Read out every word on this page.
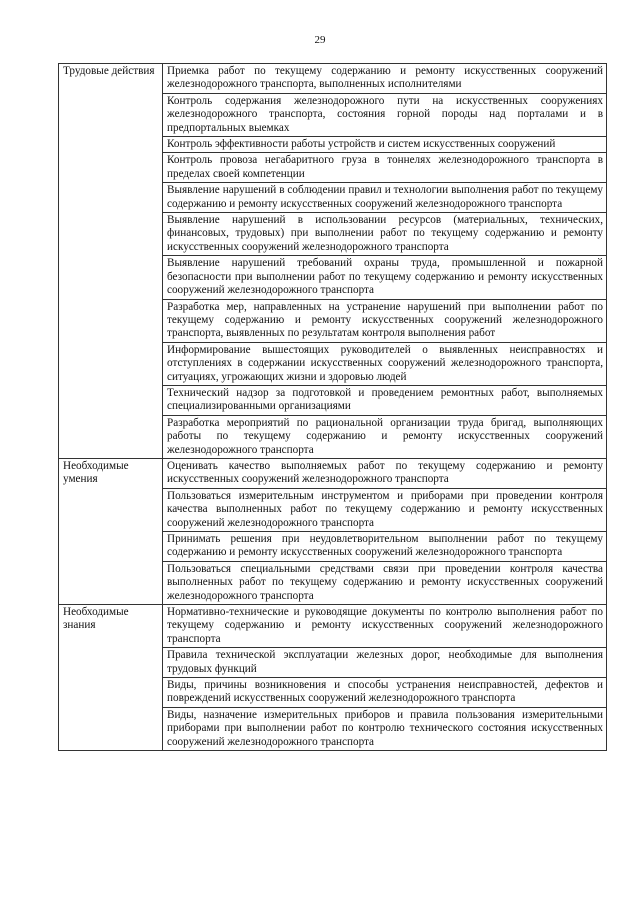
29
Трудовые действия	Приемка работ по текущему содержанию и ремонту искусственных сооружений железнодорожного транспорта, выполненных исполнителями
	Контроль содержания железнодорожного пути на искусственных сооружениях железнодорожного транспорта, состояния горной породы над порталами и в предпортальных выемках
	Контроль эффективности работы устройств и систем искусственных сооружений
	Контроль провоза негабаритного груза в тоннелях железнодорожного транспорта в пределах своей компетенции
	Выявление нарушений в соблюдении правил и технологии выполнения работ по текущему содержанию и ремонту искусственных сооружений железнодорожного транспорта
	Выявление нарушений в использовании ресурсов (материальных, технических, финансовых, трудовых) при выполнении работ по текущему содержанию и ремонту искусственных сооружений железнодорожного транспорта
	Выявление нарушений требований охраны труда, промышленной и пожарной безопасности при выполнении работ по текущему содержанию и ремонту искусственных сооружений железнодорожного транспорта
	Разработка мер, направленных на устранение нарушений при выполнении работ по текущему содержанию и ремонту искусственных сооружений железнодорожного транспорта, выявленных по результатам контроля выполнения работ
	Информирование вышестоящих руководителей о выявленных неисправностях и отступлениях в содержании искусственных сооружений железнодорожного транспорта, ситуациях, угрожающих жизни и здоровью людей
	Технический надзор за подготовкой и проведением ремонтных работ, выполняемых специализированными организациями
	Разработка мероприятий по рациональной организации труда бригад, выполняющих работы по текущему содержанию и ремонту искусственных сооружений железнодорожного транспорта
Необходимые умения	Оценивать качество выполняемых работ по текущему содержанию и ремонту искусственных сооружений железнодорожного транспорта
	Пользоваться измерительным инструментом и приборами при проведении контроля качества выполненных работ по текущему содержанию и ремонту искусственных сооружений железнодорожного транспорта
	Принимать решения при неудовлетворительном выполнении работ по текущему содержанию и ремонту искусственных сооружений железнодорожного транспорта
	Пользоваться специальными средствами связи при проведении контроля качества выполненных работ по текущему содержанию и ремонту искусственных сооружений железнодорожного транспорта
Необходимые знания	Нормативно-технические и руководящие документы по контролю выполнения работ по текущему содержанию и ремонту искусственных сооружений железнодорожного транспорта
	Правила технической эксплуатации железных дорог, необходимые для выполнения трудовых функций
	Виды, причины возникновения и способы устранения неисправностей, дефектов и повреждений искусственных сооружений железнодорожного транспорта
	Виды, назначение измерительных приборов и правила пользования измерительными приборами при выполнении работ по контролю технического состояния искусственных сооружений железнодорожного транспорта
